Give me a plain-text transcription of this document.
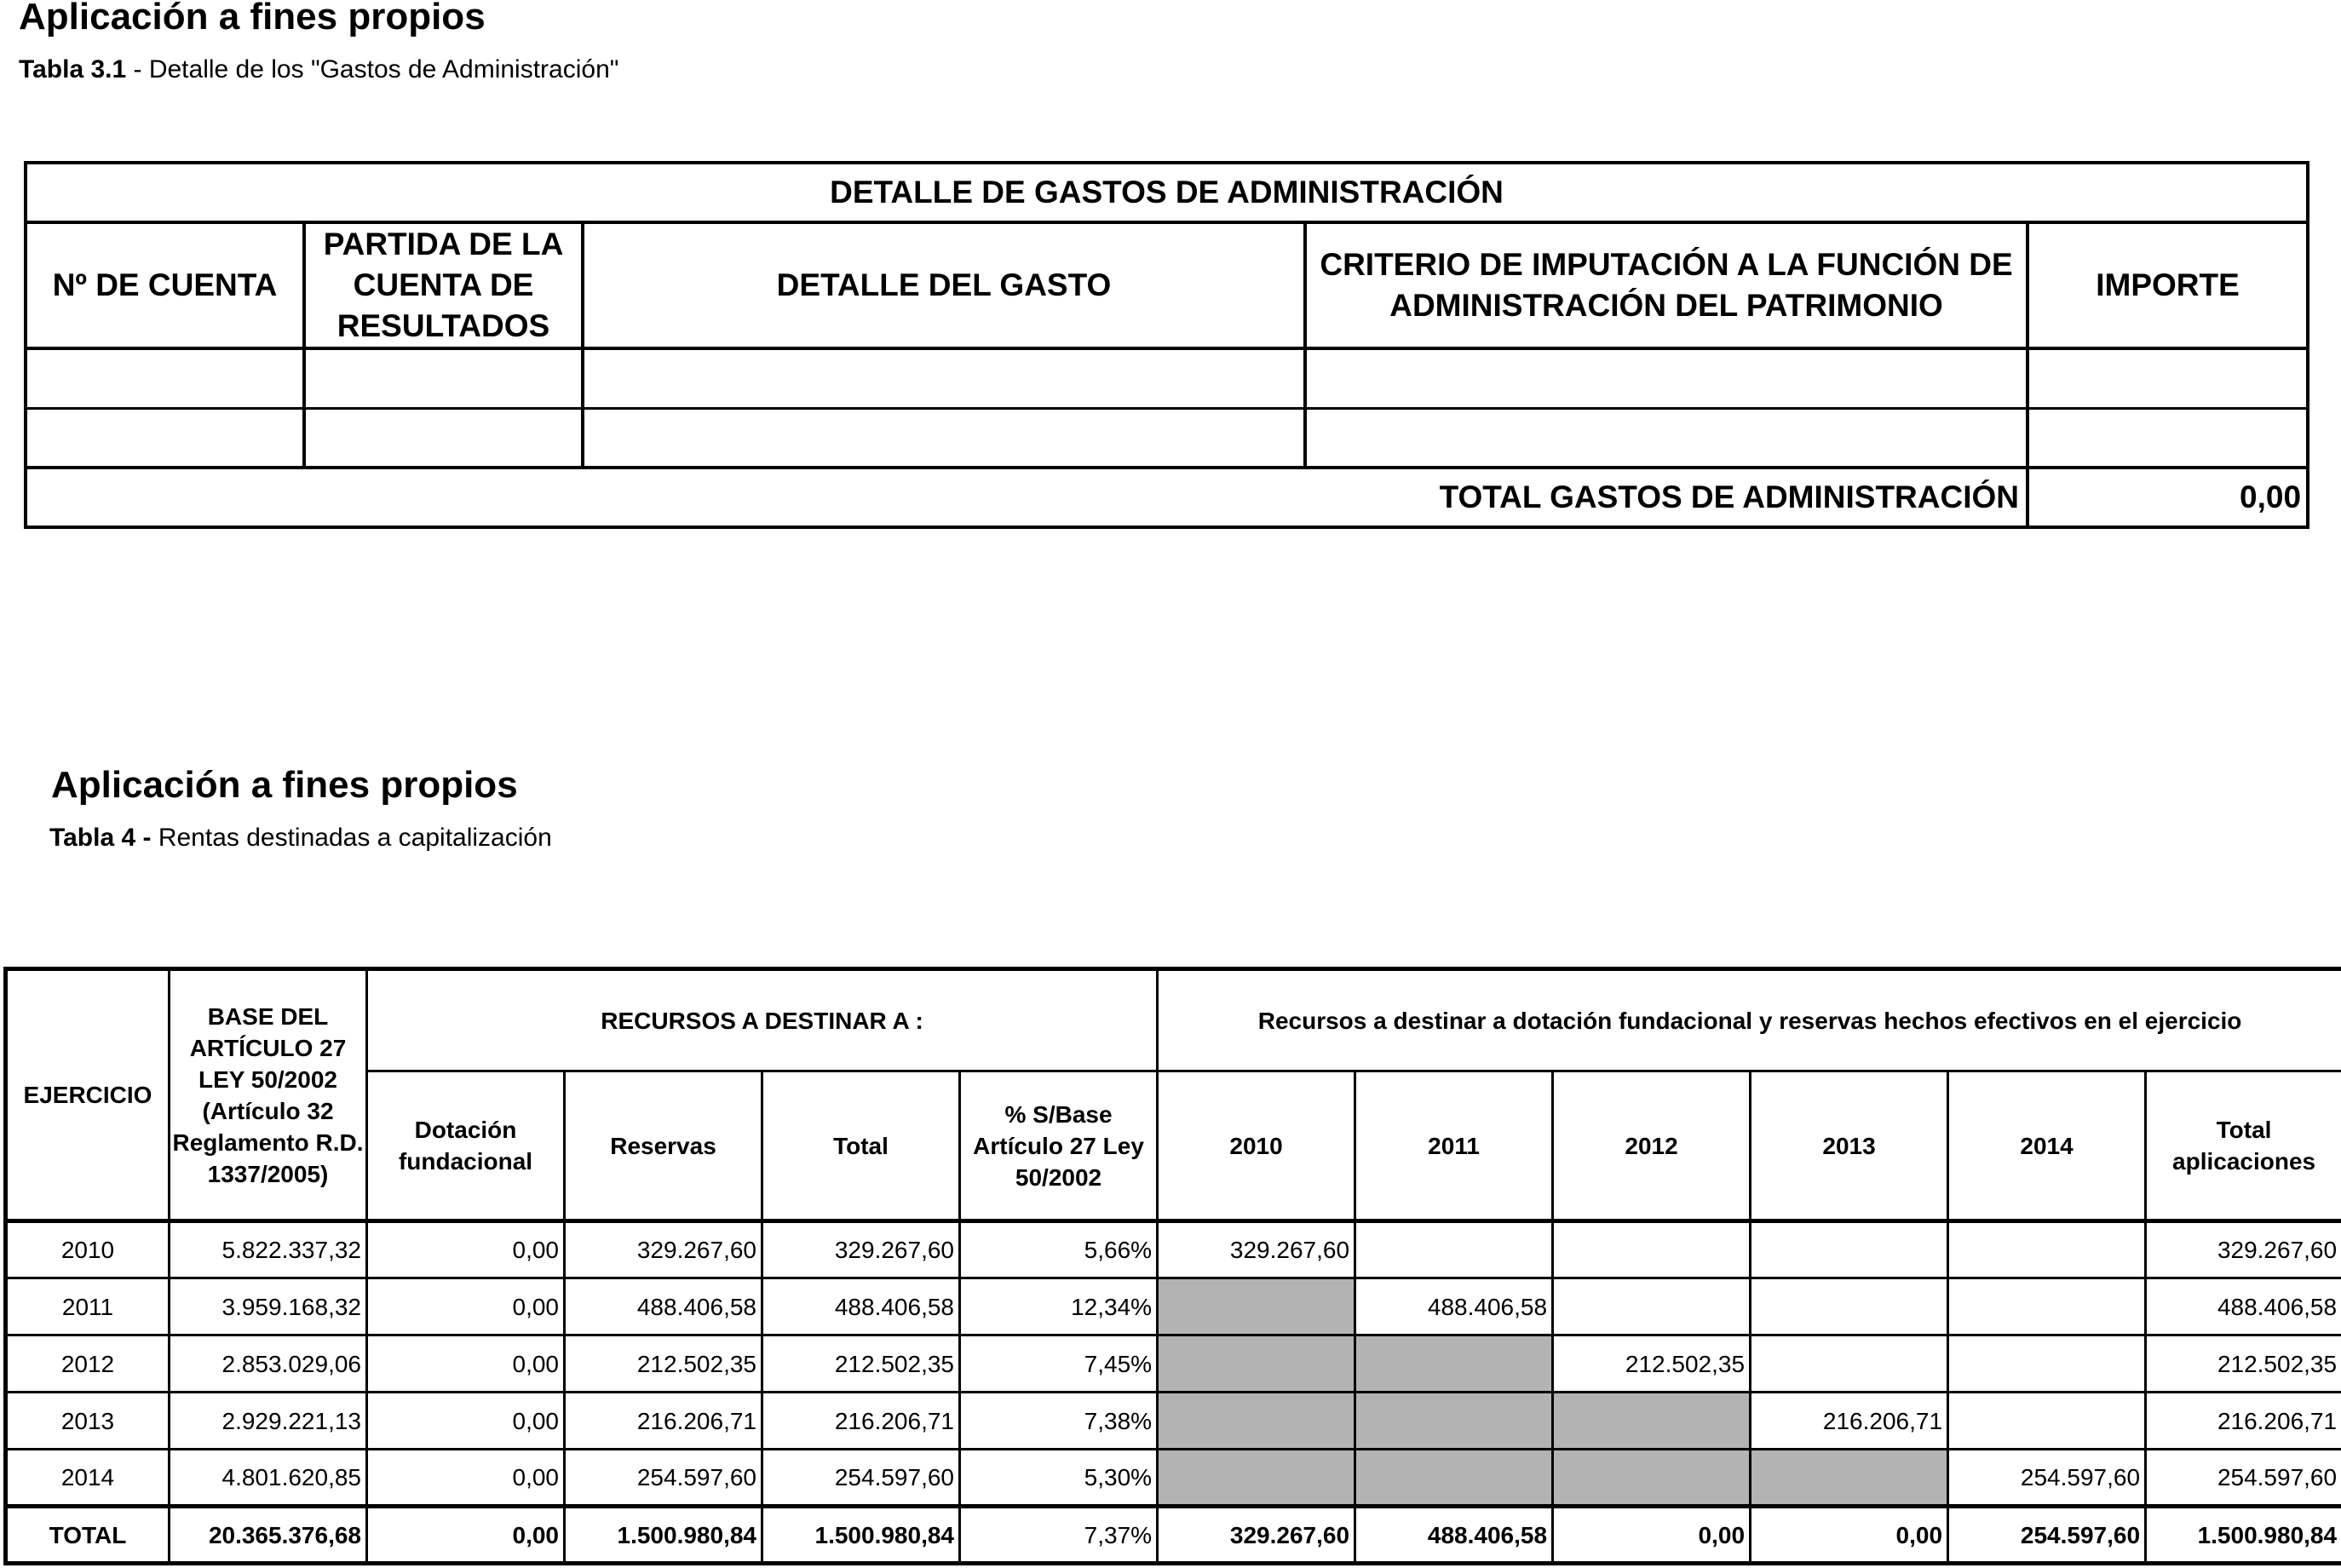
Aplicación a fines propios
Tabla 3.1 - Detalle de los "Gastos de Administración"
DETALLE DE GASTOS DE ADMINISTRACIÓN				
Nº DE CUENTA	PARTIDA DE LA CUENTA DE RESULTADOS	DETALLE DEL GASTO	CRITERIO DE IMPUTACIÓN A LA FUNCIÓN DE ADMINISTRACIÓN DEL PATRIMONIO	IMPORTE

TOTAL GASTOS DE ADMINISTRACIÓN				0,00
Aplicación a fines propios
Tabla 4 - Rentas destinadas a capitalización
EJERCICIO	BASE DEL ARTÍCULO 27 LEY 50/2002 (Artículo 32 Reglamento R.D. 1337/2005)	RECURSOS A DESTINAR A :				Recursos a destinar a dotación fundacional y reservas hechos efectivos en el ejercicio					
		Dotación fundacional	Reservas	Total	% S/Base Artículo 27 Ley 50/2002	2010	2011	2012	2013	2014	Total aplicaciones
2010	5.822.337,32	0,00	329.267,60	329.267,60	5,66%	329.267,60					329.267,60
2011	3.959.168,32	0,00	488.406,58	488.406,58	12,34%		488.406,58				488.406,58
2012	2.853.029,06	0,00	212.502,35	212.502,35	7,45%			212.502,35			212.502,35
2013	2.929.221,13	0,00	216.206,71	216.206,71	7,38%				216.206,71		216.206,71
2014	4.801.620,85	0,00	254.597,60	254.597,60	5,30%					254.597,60	254.597,60
TOTAL	20.365.376,68	0,00	1.500.980,84	1.500.980,84	7,37%	329.267,60	488.406,58	0,00	0,00	254.597,60	1.500.980,84
